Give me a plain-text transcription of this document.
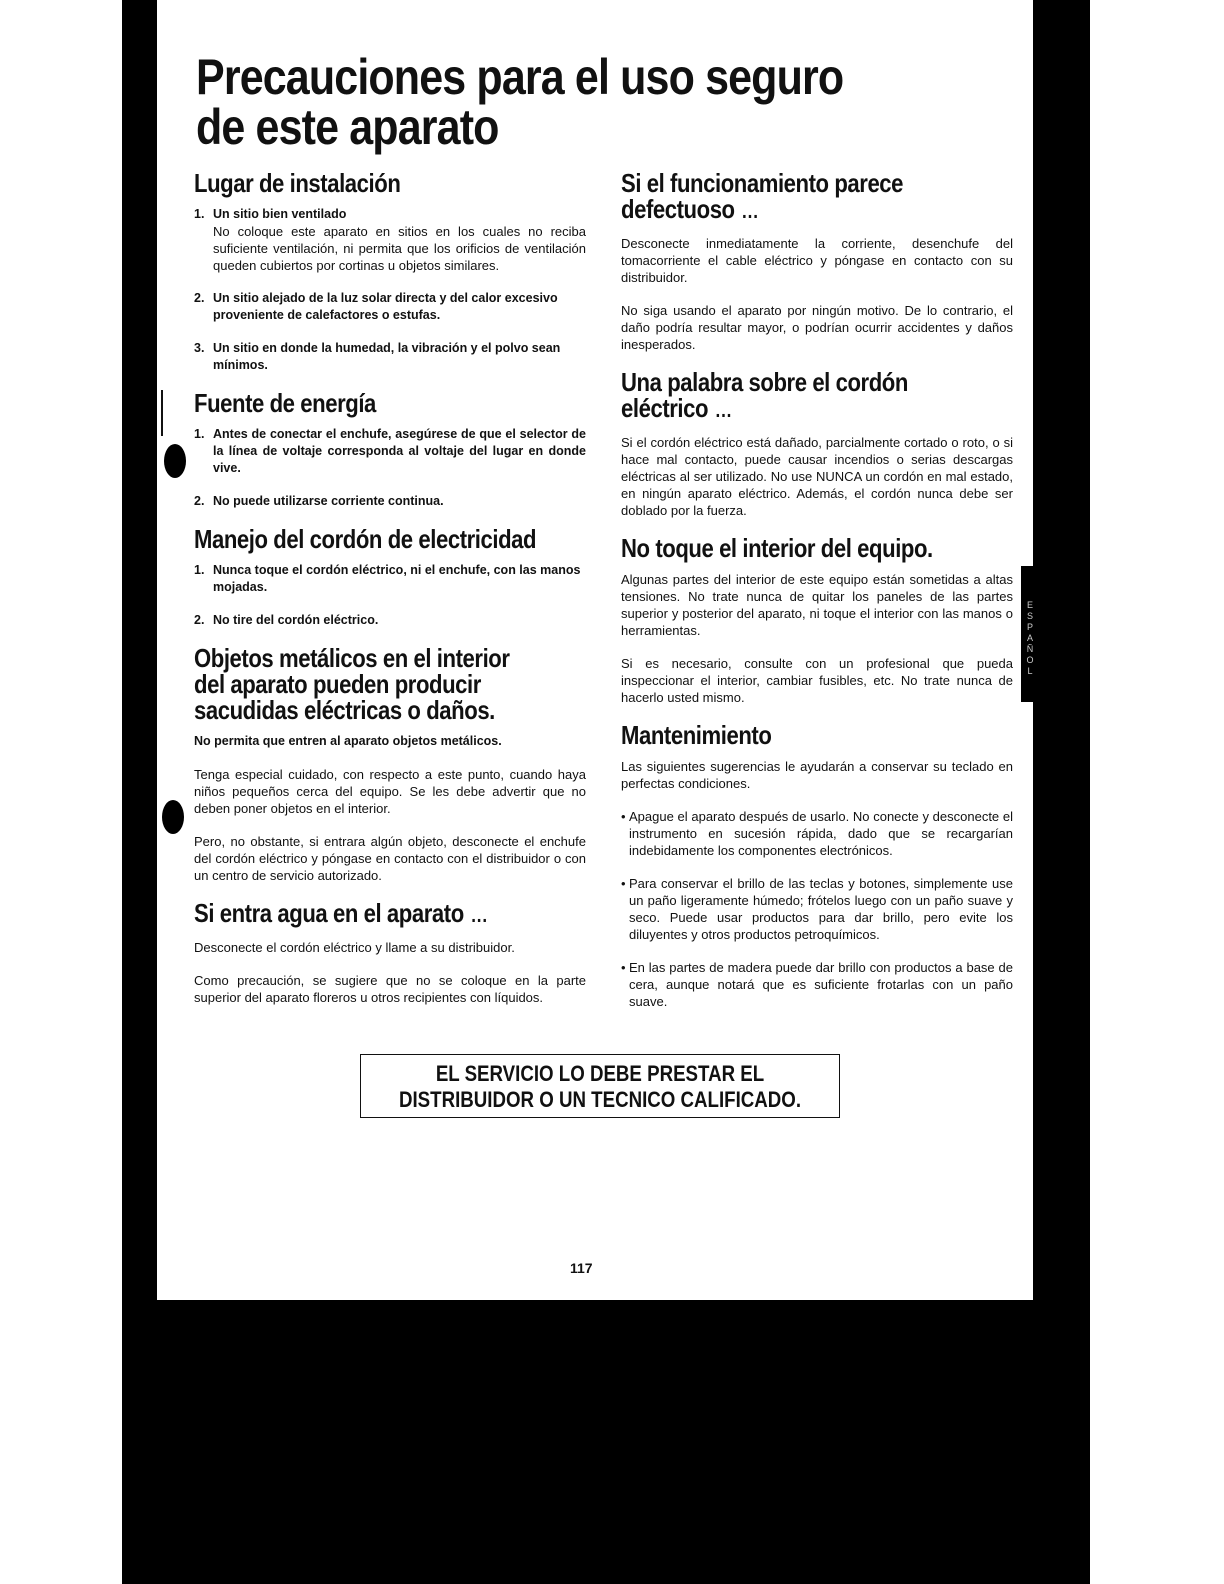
Precauciones para el uso seguro de este aparato
Lugar de instalación
1. Un sitio bien ventilado
No coloque este aparato en sitios en los cuales no reciba suficiente ventilación, ni permita que los orificios de ventilación queden cubiertos por cortinas u objetos similares.
2. Un sitio alejado de la luz solar directa y del calor excesivo proveniente de calefactores o estufas.
3. Un sitio en donde la humedad, la vibración y el polvo sean mínimos.
Fuente de energía
1. Antes de conectar el enchufe, asegúrese de que el selector de la línea de voltaje corresponda al voltaje del lugar en donde vive.
2. No puede utilizarse corriente continua.
Manejo del cordón de electricidad
1. Nunca toque el cordón eléctrico, ni el enchufe, con las manos mojadas.
2. No tire del cordón eléctrico.
Objetos metálicos en el interior del aparato pueden producir sacudidas eléctricas o daños.

No permita que entren al aparato objetos metálicos.

Tenga especial cuidado, con respecto a este punto, cuando haya niños pequeños cerca del equipo. Se les debe advertir que no deben poner objetos en el interior.

Pero, no obstante, si entrara algún objeto, desconecte el enchufe del cordón eléctrico y póngase en contacto con el distribuidor o con un centro de servicio autorizado.

Si entra agua en el aparato ...

Desconecte el cordón eléctrico y llame a su distribuidor.

Como precaución, se sugiere que no se coloque en la parte superior del aparato floreros u otros recipientes con líquidos.

Si el funcionamiento parece defectuoso ...

Desconecte inmediatamente la corriente, desenchufe del tomacorriente el cable eléctrico y póngase en contacto con su distribuidor.

No siga usando el aparato por ningún motivo. De lo contrario, el daño podría resultar mayor, o podrían ocurrir accidentes y daños inesperados.

Una palabra sobre el cordón eléctrico ...

Si el cordón eléctrico está dañado, parcialmente cortado o roto, o si hace mal contacto, puede causar incendios o serias descargas eléctricas al ser utilizado. No use NUNCA un cordón en mal estado, en ningún aparato eléctrico. Además, el cordón nunca debe ser doblado por la fuerza.

No toque el interior del equipo.

Algunas partes del interior de este equipo están sometidas a altas tensiones. No trate nunca de quitar los paneles de las partes superior y posterior del aparato, ni toque el interior con las manos o herramientas.

Si es necesario, consulte con un profesional que pueda inspeccionar el interior, cambiar fusibles, etc. No trate nunca de hacerlo usted mismo.

Mantenimiento

Las siguientes sugerencias le ayudarán a conservar su teclado en perfectas condiciones.

• Apague el aparato después de usarlo. No conecte y desconecte el instrumento en sucesión rápida, dado que se recargarían indebidamente los componentes electrónicos.

• Para conservar el brillo de las teclas y botones, simplemente use un paño ligeramente húmedo; frótelos luego con un paño suave y seco. Puede usar productos para dar brillo, pero evite los diluyentes y otros productos petroquímicos.

• En las partes de madera puede dar brillo con productos a base de cera, aunque notará que es suficiente frotarlas con un paño suave.

EL SERVICIO LO DEBE PRESTAR EL
DISTRIBUIDOR O UN TECNICO CALIFICADO.
117
ESPAÑOL
